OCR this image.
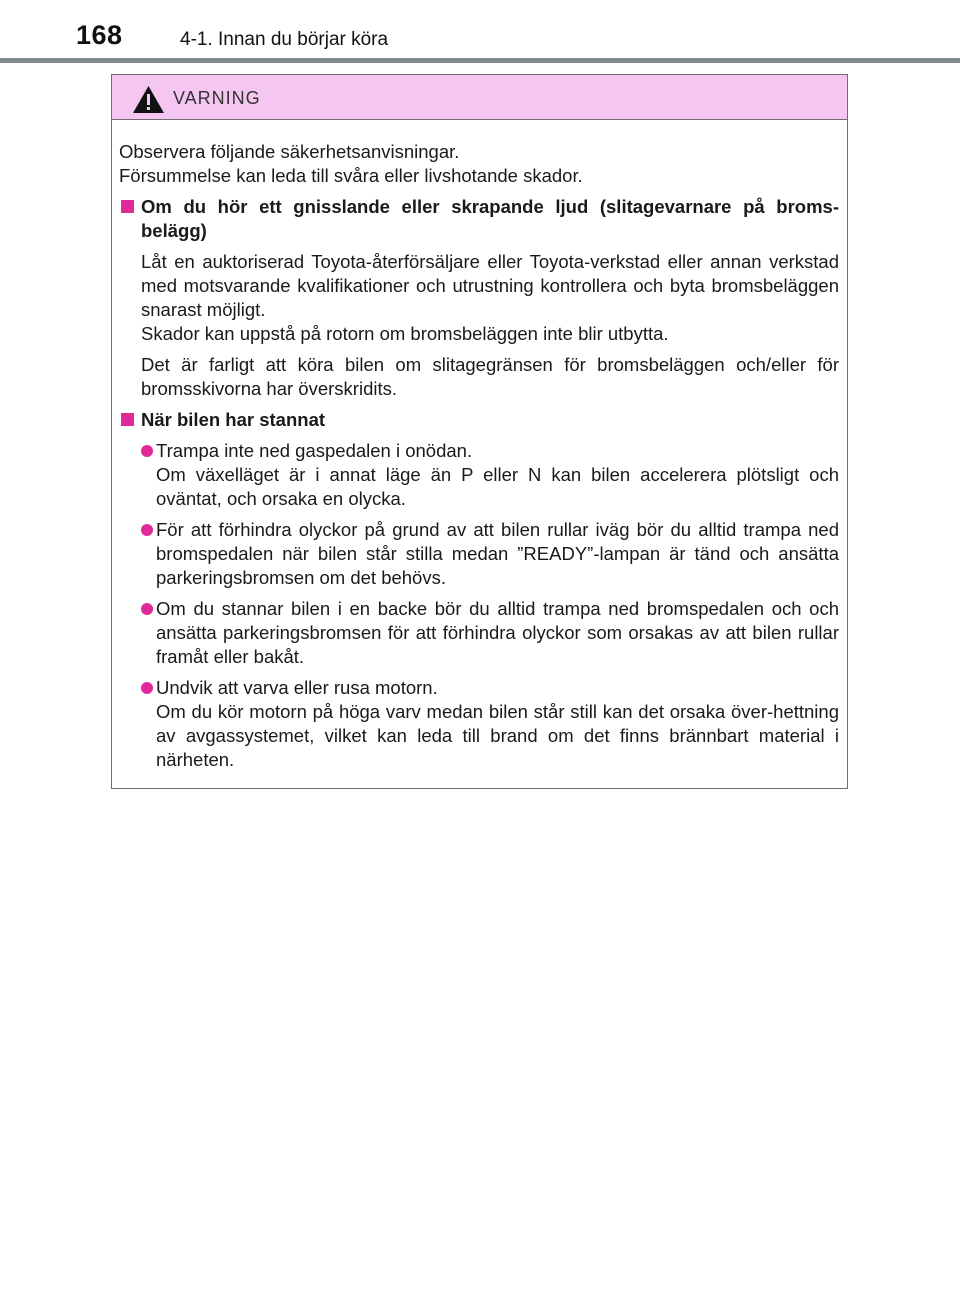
168	4-1. Innan du börjar köra
VARNING
Observera följande säkerhetsanvisningar.
Försummelse kan leda till svåra eller livshotande skador.
Om du hör ett gnisslande eller skrapande ljud (slitagevarnare på broms-belägg)
Låt en auktoriserad Toyota-återförsäljare eller Toyota-verkstad eller annan verkstad med motsvarande kvalifikationer och utrustning kontrollera och byta bromsbeläggen snarast möjligt.
Skador kan uppstå på rotorn om bromsbeläggen inte blir utbytta.
Det är farligt att köra bilen om slitagegränsen för bromsbeläggen och/eller för bromsskivorna har överskridits.
När bilen har stannat
Trampa inte ned gaspedalen i onödan.
Om växelläget är i annat läge än P eller N kan bilen accelerera plötsligt och oväntat, och orsaka en olycka.
För att förhindra olyckor på grund av att bilen rullar iväg bör du alltid trampa ned bromspedalen när bilen står stilla medan ”READY”-lampan är tänd och ansätta parkeringsbromsen om det behövs.
Om du stannar bilen i en backe bör du alltid trampa ned bromspedalen och och ansätta parkeringsbromsen för att förhindra olyckor som orsakas av att bilen rullar framåt eller bakåt.
Undvik att varva eller rusa motorn.
Om du kör motorn på höga varv medan bilen står still kan det orsaka över-hettning av avgassystemet, vilket kan leda till brand om det finns brännbart material i närheten.
